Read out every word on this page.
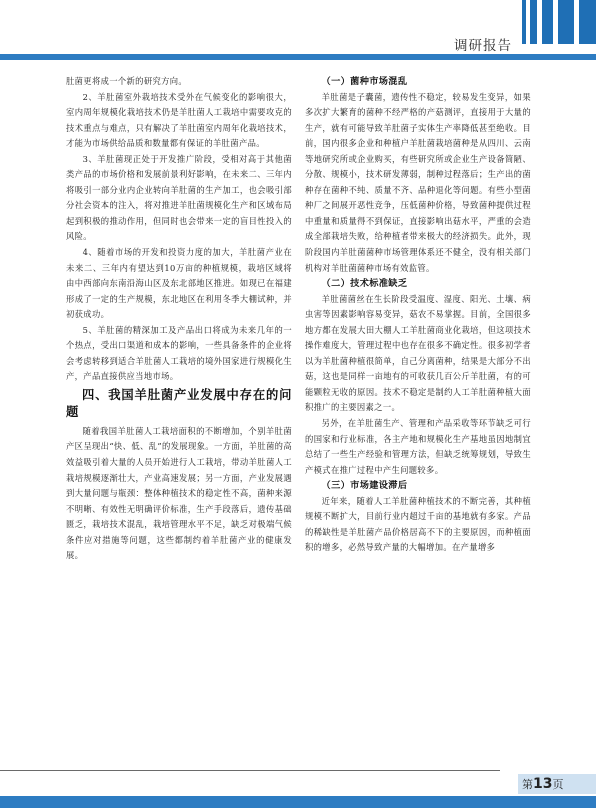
调研报告

肚菌更将成一个新的研究方向。

2、羊肚菌室外栽培技术受外在气候变化的影响很大，室内周年规模化栽培技术仍是羊肚菌人工栽培中需要攻克的技术重点与难点，只有解决了羊肚菌室内周年化栽培技术，才能为市场供给品质和数量都有保证的羊肚菌产品。

3、羊肚菌现正处于开发推广阶段，受相对高于其他菌类产品的市场价格和发展前景利好影响，在未来二、三年内将吸引一部分业内企业转向羊肚菌的生产加工，也会吸引部分社会资本的注入，将对推进羊肚菌规模化生产和区域布局起到积极的推动作用，但同时也会带来一定的盲目性投入的风险。

4、随着市场的开发和投资力度的加大，羊肚菌产业在未来二、三年内有望达到10万亩的种植规模，栽培区域将由中西部向东南沿海山区及东北部地区推进。如现已在福建形成了一定的生产规模，东北地区在利用冬季大棚试种，并初获成功。

5、羊肚菌的精深加工及产品出口将成为未来几年的一个热点，受出口渠道和成本的影响，一些具备条件的企业将会考虑转移到适合羊肚菌人工栽培的境外国家进行规模化生产，产品直接供应当地市场。

四、我国羊肚菌产业发展中存在的问题

随着我国羊肚菌人工栽培面积的不断增加，个别羊肚菌产区呈现出“快、低、乱”的发展现象。一方面，羊肚菌的高效益吸引着大量的人员开始进行人工栽培，带动羊肚菌人工栽培规模逐渐壮大，产业高速发展；另一方面，产业发展遇到大量问题与瓶颈：整体种植技术的稳定性不高，菌种来源不明晰、有效性无明确评价标准，生产手段落后，遗传基础匮乏，栽培技术混乱，栽培管理水平不足，缺乏对极端气候条件应对措施等问题，这些都制约着羊肚菌产业的健康发展。

（一）菌种市场混乱

羊肚菌是子囊菌，遗传性不稳定，较易发生变异，如果多次扩大繁育的菌种不经严格的产菇测评，直接用于大量的生产，就有可能导致羊肚菌子实体生产率降低甚至绝收。目前，国内很多企业和种植户羊肚菌栽培菌种是从四川、云南等地研究所或企业购买，有些研究所或企业生产设备简陋、分散、规模小，技术研发薄弱，制种过程落后；生产出的菌种存在菌种不纯、质量不齐、品种退化等问题。有些小型菌种厂之间展开恶性竞争，压低菌种价格，导致菌种提供过程中重量和质量得不到保证，直接影响出菇水平，严重的会造成全部栽培失败，给种植者带来极大的经济损失。此外，现阶段国内羊肚菌菌种市场管理体系还不健全，没有相关部门机构对羊肚菌菌种市场有效监管。

（二）技术标准缺乏

羊肚菌菌丝在生长阶段受温度、湿度、阳光、土壤、病虫害等因素影响容易变异，菇农不易掌握。目前，全国很多地方都在发展大田大棚人工羊肚菌商业化栽培，但这项技术操作难度大，管理过程中也存在很多不确定性。很多初学者以为羊肚菌种植很简单，自己分离菌种，结果是大部分不出菇，这也是同样一亩地有的可收获几百公斤羊肚菌，有的可能颗粒无收的原因。技术不稳定是制约人工羊肚菌种植大面积推广的主要因素之一。

另外，在羊肚菌生产、管理和产品采收等环节缺乏可行的国家和行业标准，各主产地和规模化生产基地虽因地制宜总结了一些生产经验和管理方法，但缺乏统筹规划，导致生产模式在推广过程中产生问题较多。

（三）市场建设滞后

近年来，随着人工羊肚菌种植技术的不断完善，其种植规模不断扩大，目前行业内超过千亩的基地就有多家。产品的稀缺性是羊肚菌产品价格居高不下的主要原因，而种植面积的增多，必然导致产量的大幅增加。在产量增多

第13页
